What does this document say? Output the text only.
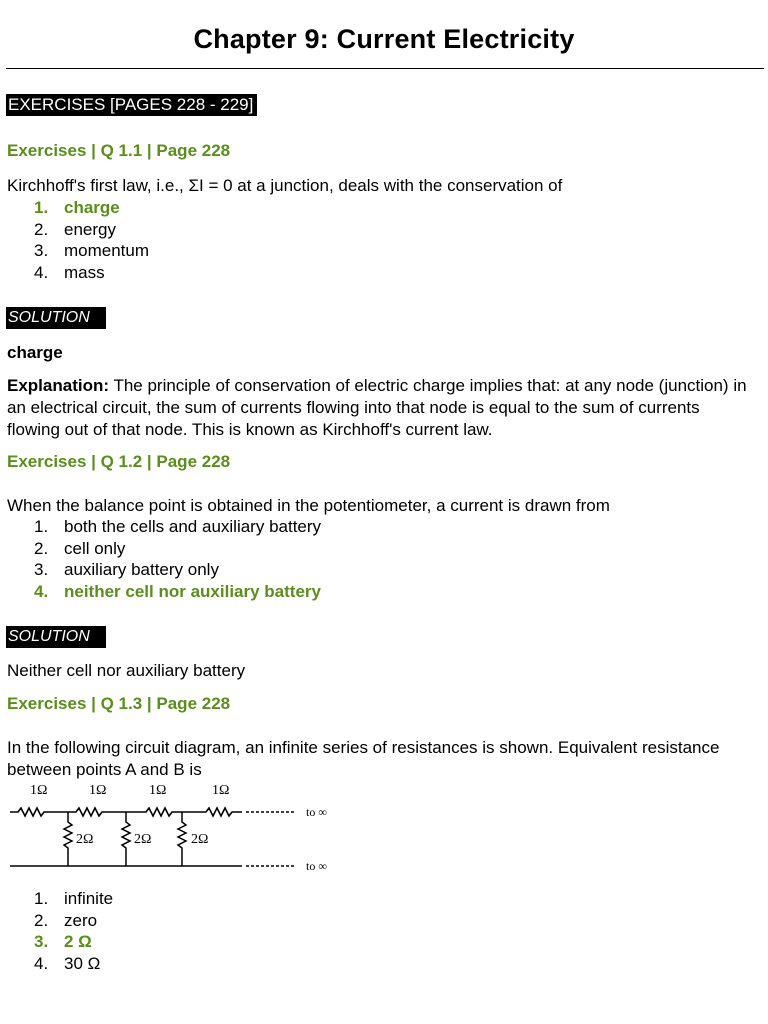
Chapter 9: Current Electricity
EXERCISES [PAGES 228 - 229]
Exercises | Q 1.1 | Page 228
Kirchhoff's first law, i.e., ΣI = 0 at a junction, deals with the conservation of
1. charge
2. energy
3. momentum
4. mass
SOLUTION
charge
Explanation: The principle of conservation of electric charge implies that: at any node (junction) in an electrical circuit, the sum of currents flowing into that node is equal to the sum of currents flowing out of that node. This is known as Kirchhoff's current law.
Exercises | Q 1.2 | Page 228
When the balance point is obtained in the potentiometer, a current is drawn from
1. both the cells and auxiliary battery
2. cell only
3. auxiliary battery only
4. neither cell nor auxiliary battery
SOLUTION
Neither cell nor auxiliary battery
Exercises | Q 1.3 | Page 228
In the following circuit diagram, an infinite series of resistances is shown. Equivalent resistance between points A and B is
1Ω	1Ω	1Ω	1Ω
2Ω	2Ω	2Ω
to ∞
to ∞
1. infinite
2. zero
3. 2 Ω
4. 30 Ω
